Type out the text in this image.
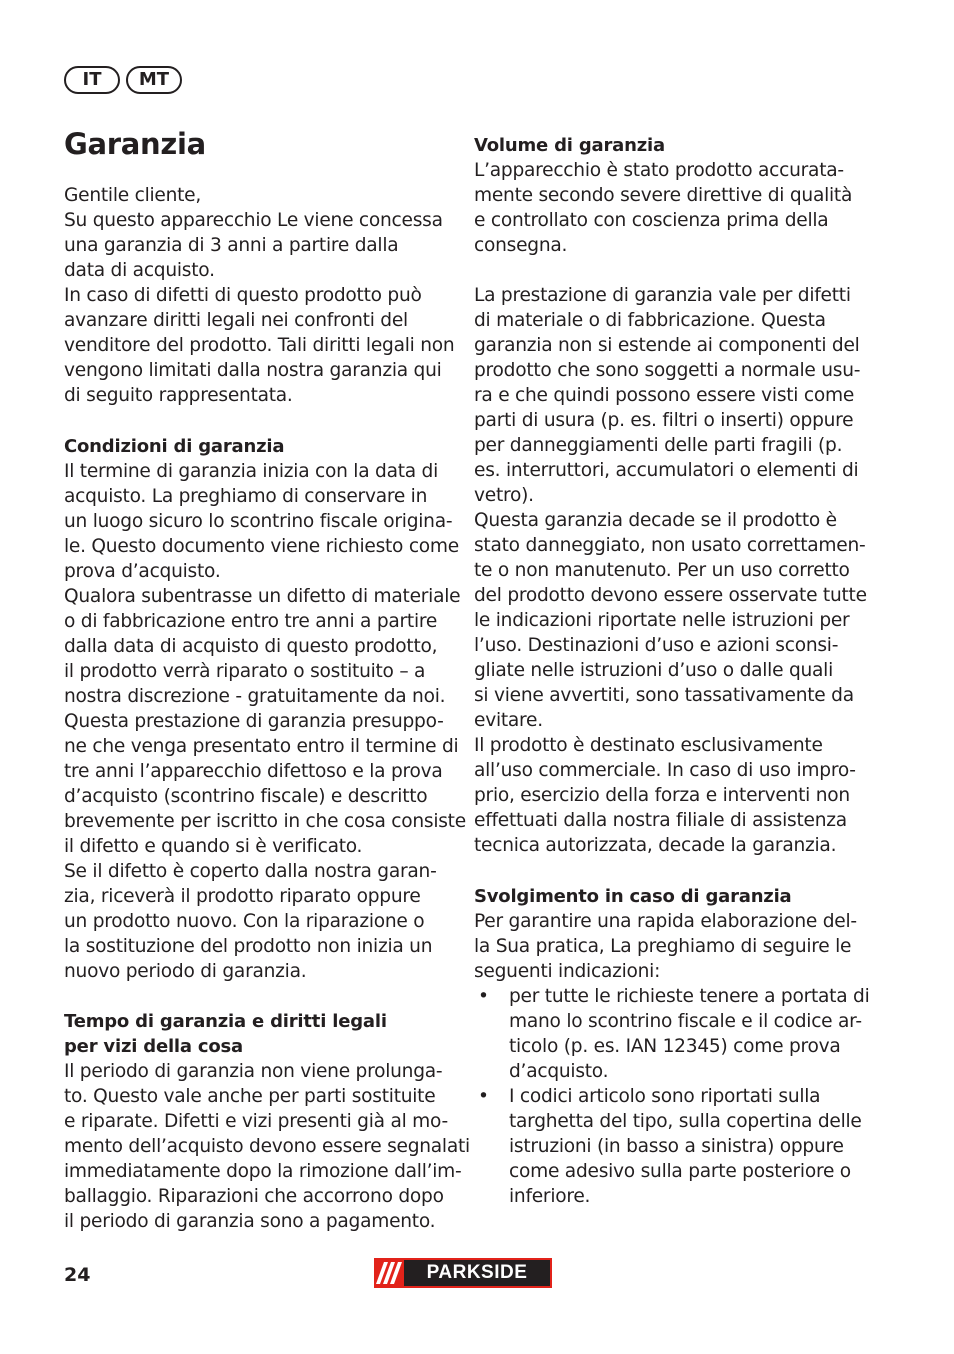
IT	MT
Garanzia
Gentile cliente,
Su questo apparecchio Le viene concessa
una garanzia di 3 anni a partire dalla
data di acquisto.
In caso di difetti di questo prodotto può
avanzare diritti legali nei confronti del
venditore del prodotto. Tali diritti legali non
vengono limitati dalla nostra garanzia qui
di seguito rappresentata.
Condizioni di garanzia
Il termine di garanzia inizia con la data di
acquisto. La preghiamo di conservare in
un luogo sicuro lo scontrino fiscale origina-
le. Questo documento viene richiesto come
prova d’acquisto.
Qualora subentrasse un difetto di materiale
o di fabbricazione entro tre anni a partire
dalla data di acquisto di questo prodotto,
il prodotto verrà riparato o sostituito – a
nostra discrezione - gratuitamente da noi.
Questa prestazione di garanzia presuppo-
ne che venga presentato entro il termine di
tre anni l’apparecchio difettoso e la prova
d’acquisto (scontrino fiscale) e descritto
brevemente per iscritto in che cosa consiste
il difetto e quando si è verificato.
Se il difetto è coperto dalla nostra garan-
zia, riceverà il prodotto riparato oppure
un prodotto nuovo. Con la riparazione o
la sostituzione del prodotto non inizia un
nuovo periodo di garanzia.
Tempo di garanzia e diritti legali
per vizi della cosa
Il periodo di garanzia non viene prolunga-
to. Questo vale anche per parti sostituite
e riparate. Difetti e vizi presenti già al mo-
mento dell’acquisto devono essere segnalati
immediatamente dopo la rimozione dall’im-
ballaggio. Riparazioni che accorrono dopo
il periodo di garanzia sono a pagamento.
Volume di garanzia
L’apparecchio è stato prodotto accurata-
mente secondo severe direttive di qualità
e controllato con coscienza prima della
consegna.
La prestazione di garanzia vale per difetti
di materiale o di fabbricazione. Questa
garanzia non si estende ai componenti del
prodotto che sono soggetti a normale usu-
ra e che quindi possono essere visti come
parti di usura (p. es. filtri o inserti) oppure
per danneggiamenti delle parti fragili (p.
es. interruttori, accumulatori o elementi di
vetro).
Questa garanzia decade se il prodotto è
stato danneggiato, non usato correttamen-
te o non manutenuto. Per un uso corretto
del prodotto devono essere osservate tutte
le indicazioni riportate nelle istruzioni per
l’uso. Destinazioni d’uso e azioni sconsi-
gliate nelle istruzioni d’uso o dalle quali
si viene avvertiti, sono tassativamente da
evitare.
Il prodotto è destinato esclusivamente
all’uso commerciale. In caso di uso impro-
prio, esercizio della forza e interventi non
effettuati dalla nostra filiale di assistenza
tecnica autorizzata, decade la garanzia.
Svolgimento in caso di garanzia
Per garantire una rapida elaborazione del-
la Sua pratica, La preghiamo di seguire le
seguenti indicazioni:
• per tutte le richieste tenere a portata di
mano lo scontrino fiscale e il codice ar-
ticolo (p. es. IAN 12345) come prova
d’acquisto.
• I codici articolo sono riportati sulla
targhetta del tipo, sulla copertina delle
istruzioni (in basso a sinistra) oppure
come adesivo sulla parte posteriore o
inferiore.
24	PARKSIDE
